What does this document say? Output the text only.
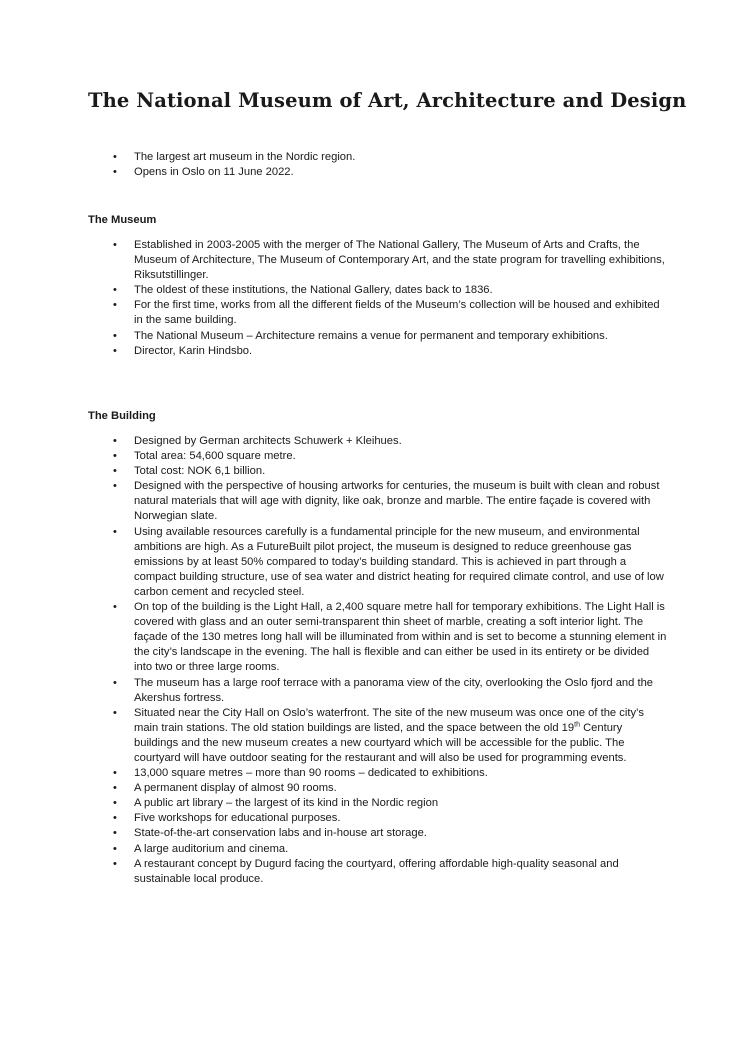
The National Museum of Art, Architecture and Design
• The largest art museum in the Nordic region.
• Opens in Oslo on 11 June 2022.
The Museum
• Established in 2003-2005 with the merger of The National Gallery, The Museum of Arts and Crafts, the Museum of Architecture, The Museum of Contemporary Art, and the state program for travelling exhibitions, Riksutstillinger.
• The oldest of these institutions, the National Gallery, dates back to 1836.
• For the first time, works from all the different fields of the Museum’s collection will be housed and exhibited in the same building.
• The National Museum – Architecture remains a venue for permanent and temporary exhibitions.
• Director, Karin Hindsbo.
The Building
• Designed by German architects Schuwerk + Kleihues.
• Total area: 54,600 square metre.
• Total cost: NOK 6,1 billion.
• Designed with the perspective of housing artworks for centuries, the museum is built with clean and robust natural materials that will age with dignity, like oak, bronze and marble. The entire façade is covered with Norwegian slate.
• Using available resources carefully is a fundamental principle for the new museum, and environmental ambitions are high. As a FutureBuilt pilot project, the museum is designed to reduce greenhouse gas emissions by at least 50% compared to today’s building standard. This is achieved in part through a compact building structure, use of sea water and district heating for required climate control, and use of low carbon cement and recycled steel.
• On top of the building is the Light Hall, a 2,400 square metre hall for temporary exhibitions. The Light Hall is covered with glass and an outer semi-transparent thin sheet of marble, creating a soft interior light. The façade of the 130 metres long hall will be illuminated from within and is set to become a stunning element in the city’s landscape in the evening. The hall is flexible and can either be used in its entirety or be divided into two or three large rooms.
• The museum has a large roof terrace with a panorama view of the city, overlooking the Oslo fjord and the Akershus fortress.
• Situated near the City Hall on Oslo’s waterfront. The site of the new museum was once one of the city’s main train stations. The old station buildings are listed, and the space between the old 19th Century buildings and the new museum creates a new courtyard which will be accessible for the public. The courtyard will have outdoor seating for the restaurant and will also be used for programming events.
• 13,000 square metres – more than 90 rooms – dedicated to exhibitions.
• A permanent display of almost 90 rooms.
• A public art library – the largest of its kind in the Nordic region
• Five workshops for educational purposes.
• State-of-the-art conservation labs and in-house art storage.
• A large auditorium and cinema.
• A restaurant concept by Dugurd facing the courtyard, offering affordable high-quality seasonal and sustainable local produce.
